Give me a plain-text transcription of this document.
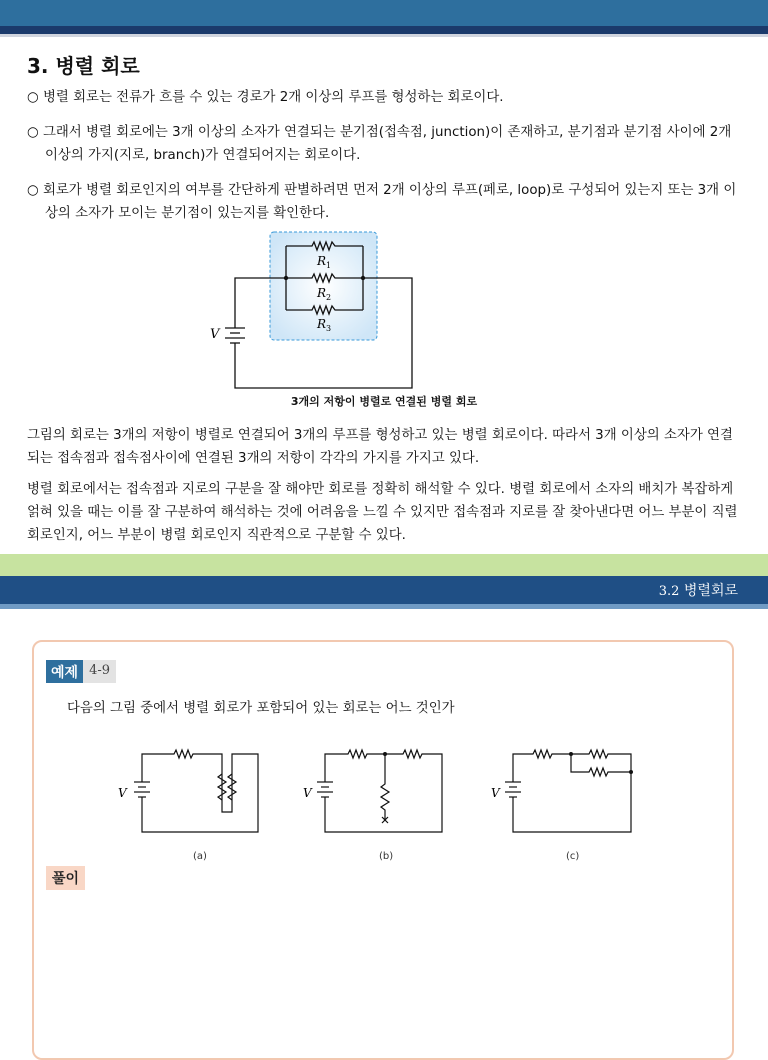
3. 병렬 회로

○ 병렬 회로는 전류가 흐를 수 있는 경로가 2개 이상의 루프를 형성하는 회로이다.

○ 그래서 병렬 회로에는 3개 이상의 소자가 연결되는 분기점(접속점, junction)이 존재하고, 분기점과 분기점 사이에 2개 이상의 가지(지로, branch)가 연결되어지는 회로이다.

○ 회로가 병렬 회로인지의 여부를 간단하게 판별하려면 먼저 2개 이상의 루프(페로, loop)로 구성되어 있는지 또는 3개 이상의 소자가 모이는 분기점이 있는지를 확인한다.

V
R 1
R 2
R 3
3개의 저항이 병렬로 연결된 병렬 회로

그림의 회로는 3개의 저항이 병렬로 연결되어 3개의 루프를 형성하고 있는 병렬 회로이다. 따라서 3개 이상의 소자가 연결되는 접속점과 접속점사이에 연결된 3개의 저항이 각각의 가지를 가지고 있다.

병렬 회로에서는 접속점과 지로의 구분을 잘 해야만 회로를 정확히 해석할 수 있다. 병렬 회로에서 소자의 배치가 복잡하게 얽혀 있을 때는 이를 잘 구분하여 해석하는 것에 어려움을 느낄 수 있지만 접속점과 지로를 잘 찾아낸다면 어느 부분이 직렬 회로인지, 어느 부분이 병렬 회로인지 직관적으로 구분할 수 있다.

3.2 병렬회로
예제 4-9
다음의 그림 중에서 병렬 회로가 포함되어 있는 회로는 어느 것인가
V
(a)
V
(b)
V
(c)
풀이
